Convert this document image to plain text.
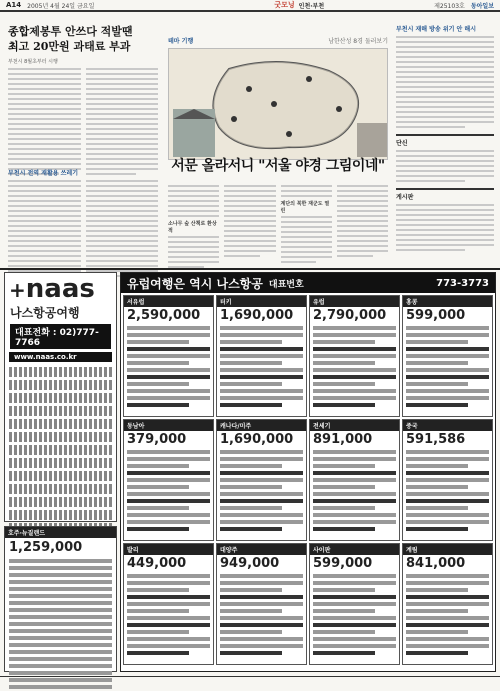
A14 2005년 4월 24일 금요일	굿모닝 인천·부천	제25103호 동아일보
종합제봉투 안쓰다 적발땐
최고 20만원 과태료 부과
부천시 8월초부터 시행
부천시 전역 재활용 쓰레기
테마 기행	남한산성 8경 둘러보기
서문 올라서니 "서울 야경 그림이네"
소나무 숲 산책로 환상적
계단의 북한 재군도 열린
부천시 재해 방송 위기 안 해시
단신
게시판
+naas
나스항공여행
대표전화 : 02)777-7766
www.naas.co.kr
호주·뉴질랜드
1,259,000
유럽여행은 역시 나스항공 대표번호	773-3773
서유럽
2,590,000
터키
1,690,000
유럽
2,790,000
홍콩
599,000
동남아
379,000
캐나다/미주
1,690,000
전세기
891,000
중국
591,586
발리
449,000
대양주
949,000
사이판
599,000
계림
841,000
